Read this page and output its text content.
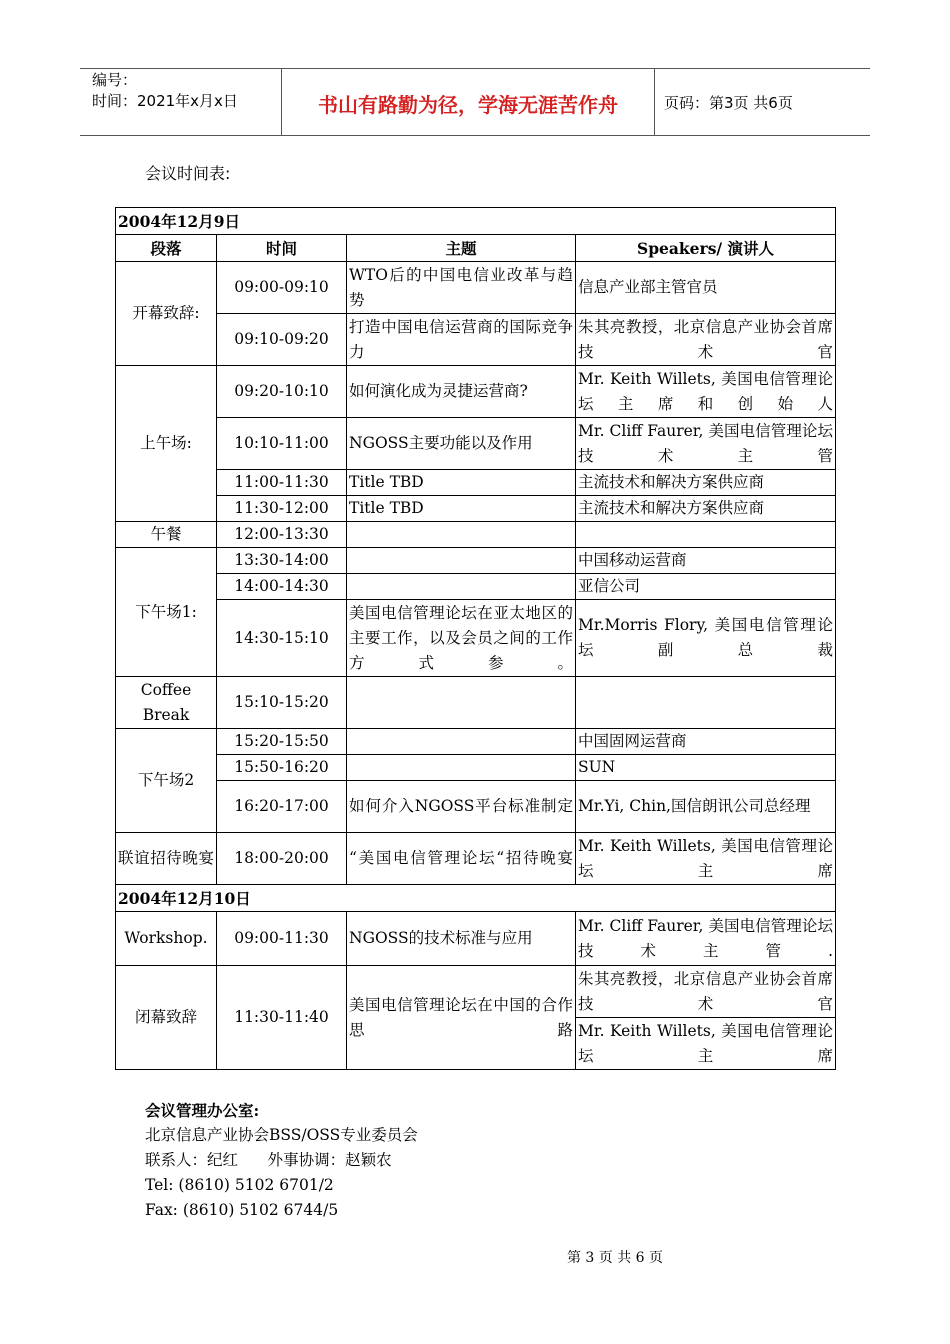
编号：
时间：2021年x月x日	书山有路勤为径，学海无涯苦作舟	页码：第3页 共6页
会议时间表:
2004年12月9日			
段落	时间	主题	Speakers/ 演讲人
开幕致辞:	09:00-09:10	WTO后的中国电信业改革与趋势	信息产业部主管官员
	09:10-09:20	打造中国电信运营商的国际竞争力	朱其亮教授，北京信息产业协会首席技术官
上午场:	09:20-10:10	如何演化成为灵捷运营商?	Mr. Keith Willets, 美国电信管理论坛主席和创始人
	10:10-11:00	NGOSS主要功能以及作用	Mr. Cliff Faurer, 美国电信管理论坛技术主管
	11:00-11:30	Title TBD	主流技术和解决方案供应商
	11:30-12:00	Title TBD	主流技术和解决方案供应商
午餐	12:00-13:30		
下午场1:	13:30-14:00		中国移动运营商
	14:00-14:30		亚信公司
	14:30-15:10	美国电信管理论坛在亚太地区的主要工作，以及会员之间的工作方式参。	Mr.Morris Flory, 美国电信管理论坛副总裁
Coffee Break	15:10-15:20		
下午场2	15:20-15:50		中国固网运营商
	15:50-16:20		SUN
	16:20-17:00	如何介入NGOSS平台标准制定	Mr.Yi, Chin,国信朗讯公司总经理
联谊招待晚宴	18:00-20:00	“美国电信管理论坛“招待晚宴	Mr. Keith Willets, 美国电信管理论坛主席
2004年12月10日			
Workshop.	09:00-11:30	NGOSS的技术标准与应用	Mr. Cliff Faurer, 美国电信管理论坛技术主管.
闭幕致辞	11:30-11:40	美国电信管理论坛在中国的合作思路	朱其亮教授，北京信息产业协会首席技术官
			Mr. Keith Willets, 美国电信管理论坛主席
会议管理办公室:
北京信息产业协会BSS/OSS专业委员会
联系人：纪红      外事协调：赵颖农
Tel: (8610) 5102 6701/2
Fax: (8610) 5102 6744/5
第 3 页 共 6 页
